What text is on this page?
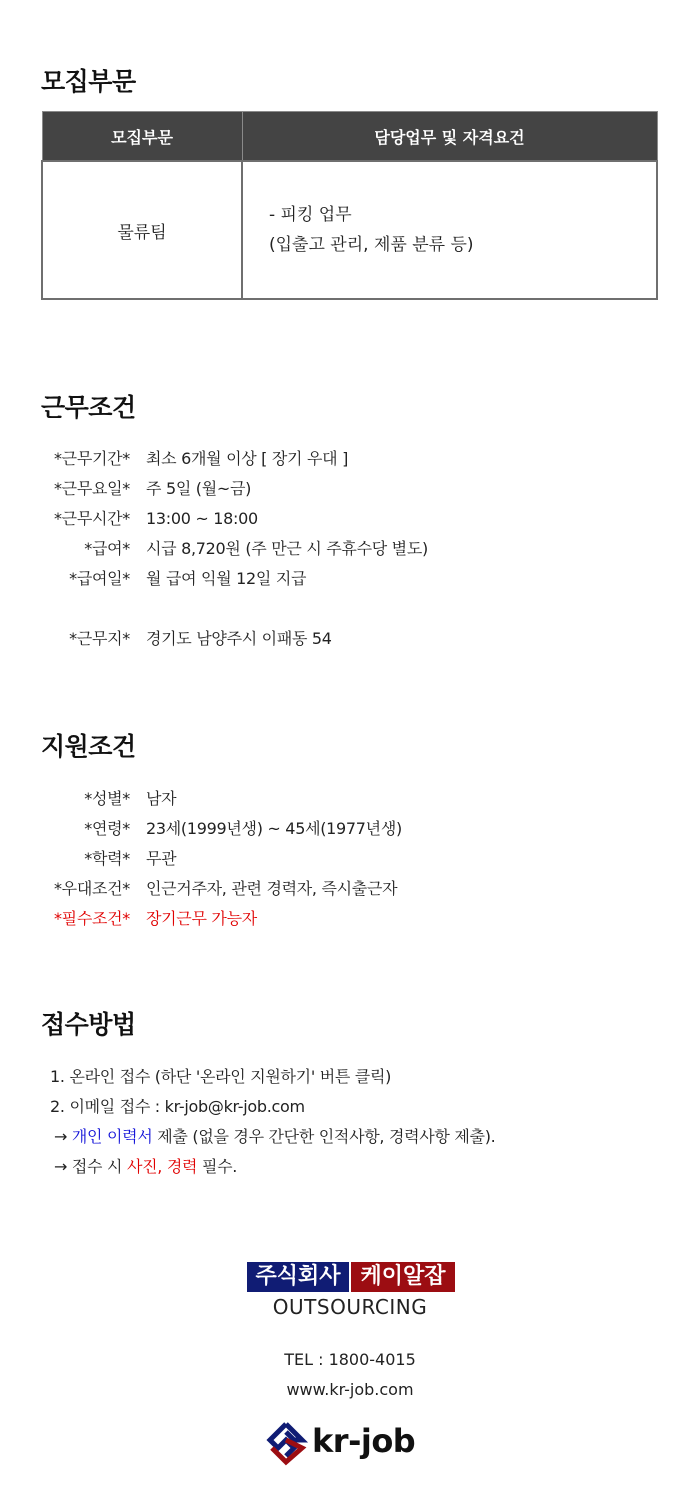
모집부문
모집부문	담당업무 및 자격요건
물류팀	- 피킹 업무
(입출고 관리, 제품 분류 등)
근무조건
*근무기간* 최소 6개월 이상 [ 장기 우대 ]
*근무요일* 주 5일 (월~금)
*근무시간* 13:00 ~ 18:00
*급여* 시급 8,720원 (주 만근 시 주휴수당 별도)
*급여일* 월 급여 익월 12일 지급
*근무지* 경기도 남양주시 이패동 54
지원조건
*성별* 남자
*연령* 23세(1999년생) ~ 45세(1977년생)
*학력* 무관
*우대조건* 인근거주자, 관련 경력자, 즉시출근자
*필수조건* 장기근무 가능자
접수방법
1. 온라인 접수 (하단 '온라인 지원하기' 버튼 클릭)
2. 이메일 접수 : kr-job@kr-job.com
→ 개인 이력서 제출 (없을 경우 간단한 인적사항, 경력사항 제출).
→ 접수 시 사진, 경력 필수.
주식회사 케이알잡
OUTSOURCING
TEL : 1800-4015
www.kr-job.com
kr-job
